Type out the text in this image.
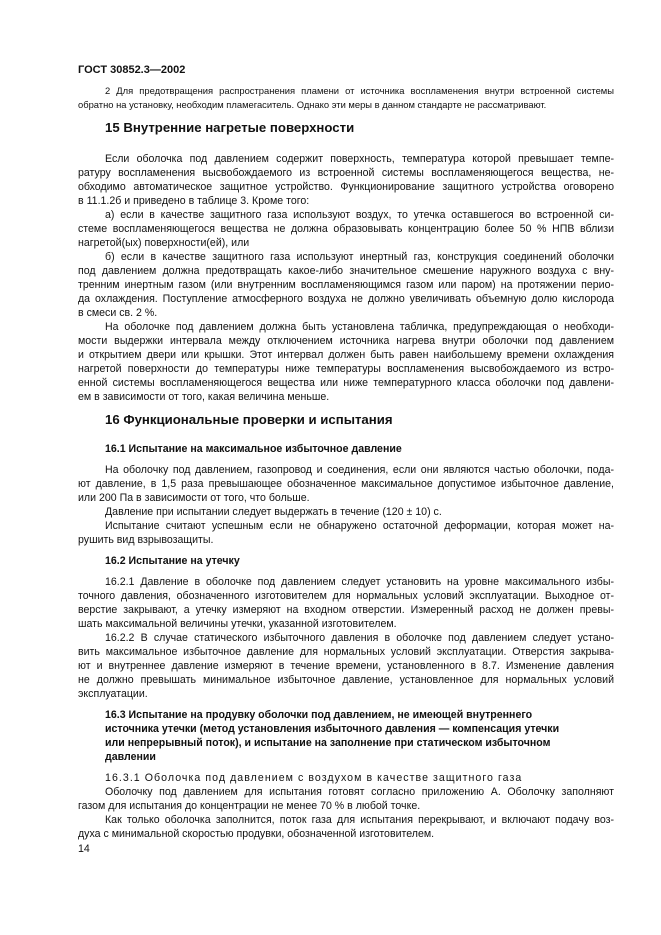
ГОСТ 30852.3—2002
2 Для предотвращения распространения пламени от источника воспламенения внутри встроенной системы
обратно на установку, необходим пламегаситель. Однако эти меры в данном стандарте не рассматривают.
15 Внутренние нагретые поверхности
Если оболочка под давлением содержит поверхность, температура которой превышает темпе-
ратуру воспламенения высвобождаемого из встроенной системы воспламеняющегося вещества, не-
обходимо автоматическое защитное устройство. Функционирование защитного устройства оговорено
в 11.1.2б и приведено в таблице 3. Кроме того:
а) если в качестве защитного газа используют воздух, то утечка оставшегося во встроенной си-
стеме воспламеняющегося вещества не должна образовывать концентрацию более 50 % НПВ вблизи
нагретой(ых) поверхности(ей), или
б) если в качестве защитного газа используют инертный газ, конструкция соединений оболочки
под давлением должна предотвращать какое-либо значительное смешение наружного воздуха с вну-
тренним инертным газом (или внутренним воспламеняющимся газом или паром) на протяжении перио-
да охлаждения. Поступление атмосферного воздуха не должно увеличивать объемную долю кислорода
в смеси св. 2 %.
На оболочке под давлением должна быть установлена табличка, предупреждающая о необходи-
мости выдержки интервала между отключением источника нагрева внутри оболочки под давлением
и открытием двери или крышки. Этот интервал должен быть равен наибольшему времени охлаждения
нагретой поверхности до температуры ниже температуры воспламенения высвобождаемого из встро-
енной системы воспламеняющегося вещества или ниже температурного класса оболочки под давлени-
ем в зависимости от того, какая величина меньше.
16 Функциональные проверки и испытания
16.1 Испытание на максимальное избыточное давление
На оболочку под давлением, газопровод и соединения, если они являются частью оболочки, пода-
ют давление, в 1,5 раза превышающее обозначенное максимальное допустимое избыточное давление,
или 200 Па в зависимости от того, что больше.
Давление при испытании следует выдержать в течение (120 ± 10) с.
Испытание считают успешным если не обнаружено остаточной деформации, которая может на-
рушить вид взрывозащиты.
16.2 Испытание на утечку
16.2.1 Давление в оболочке под давлением следует установить на уровне максимального избы-
точного давления, обозначенного изготовителем для нормальных условий эксплуатации. Выходное от-
верстие закрывают, а утечку измеряют на входном отверстии. Измеренный расход не должен превы-
шать максимальной величины утечки, указанной изготовителем.
16.2.2 В случае статического избыточного давления в оболочке под давлением следует устано-
вить максимальное избыточное давление для нормальных условий эксплуатации. Отверстия закрыва-
ют и внутреннее давление измеряют в течение времени, установленного в 8.7. Изменение давления
не должно превышать минимальное избыточное давление, установленное для нормальных условий
эксплуатации.
16.3 Испытание на продувку оболочки под давлением, не имеющей внутреннего
источника утечки (метод установления избыточного давления — компенсация утечки
или непрерывный поток), и испытание на заполнение при статическом избыточном
давлении
16.3.1 Оболочка под давлением с воздухом в качестве защитного газа
Оболочку под давлением для испытания готовят согласно приложению А. Оболочку заполняют
газом для испытания до концентрации не менее 70 % в любой точке.
Как только оболочка заполнится, поток газа для испытания перекрывают, и включают подачу воз-
духа с минимальной скоростью продувки, обозначенной изготовителем.
14
